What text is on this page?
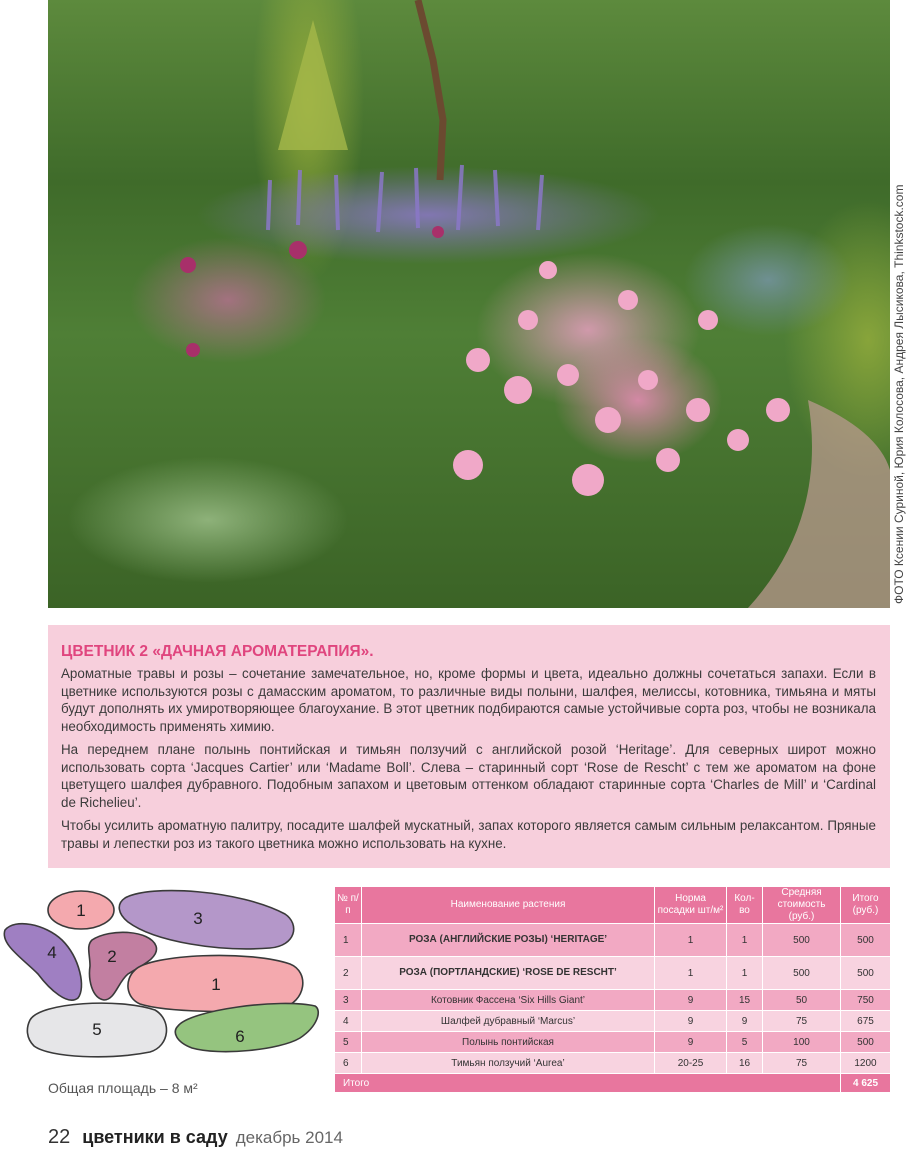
ФОТО Ксении Суриной, Юрия Колосова, Андрея Лысикова, Thinkstock.com
ЦВЕТНИК 2 «ДАЧНАЯ АРОМАТЕРАПИЯ».

Ароматные травы и розы – сочетание замечательное, но, кроме формы и цвета, идеально должны сочетаться запахи. Если в цветнике используются розы с дамасским ароматом, то различные виды полыни, шалфея, мелиссы, котовника, тимьяна и мяты будут дополнять их умиротворяющее благоухание. В этот цветник подбираются самые устойчивые сорта роз, чтобы не возникала необходимость применять химию.

На переднем плане полынь понтийская и тимьян ползучий с английской розой ‘Heritage’. Для северных широт можно использовать сорта ‘Jacques Cartier’ или ‘Madame Boll’. Слева – старинный сорт ‘Rose de Rescht’ с тем же ароматом на фоне цветущего шалфея дубравного. Подобным запахом и цветовым оттенком обладают старинные сорта ‘Charles de Mill’ и ‘Cardinal de Richelieu’.

Чтобы усилить ароматную палитру, посадите шалфей мускатный, запах которого является самым сильным релаксантом. Пряные травы и лепестки роз из такого цветника можно использовать на кухне.

1	3
4	2
1
5	6
Общая площадь – 8 м²
№ п/п	Наименование растения	Норма посадки шт/м²	Кол-во	Средняя стоимость (руб.)	Итого (руб.)
1	РОЗА (АНГЛИЙСКИЕ РОЗЫ) ‘HERITAGE’	1	1	500	500
2	РОЗА (ПОРТЛАНДСКИЕ) ‘ROSE DE RESCHT’	1	1	500	500
3	Котовник Фассена ‘Six Hills Giant’	9	15	50	750
4	Шалфей дубравный ‘Marcus’	9	9	75	675
5	Полынь понтийская	9	5	100	500
6	Тимьян ползучий ‘Aurea’	20-25	16	75	1200
Итого					4 625
22 цветники в саду декабрь 2014
